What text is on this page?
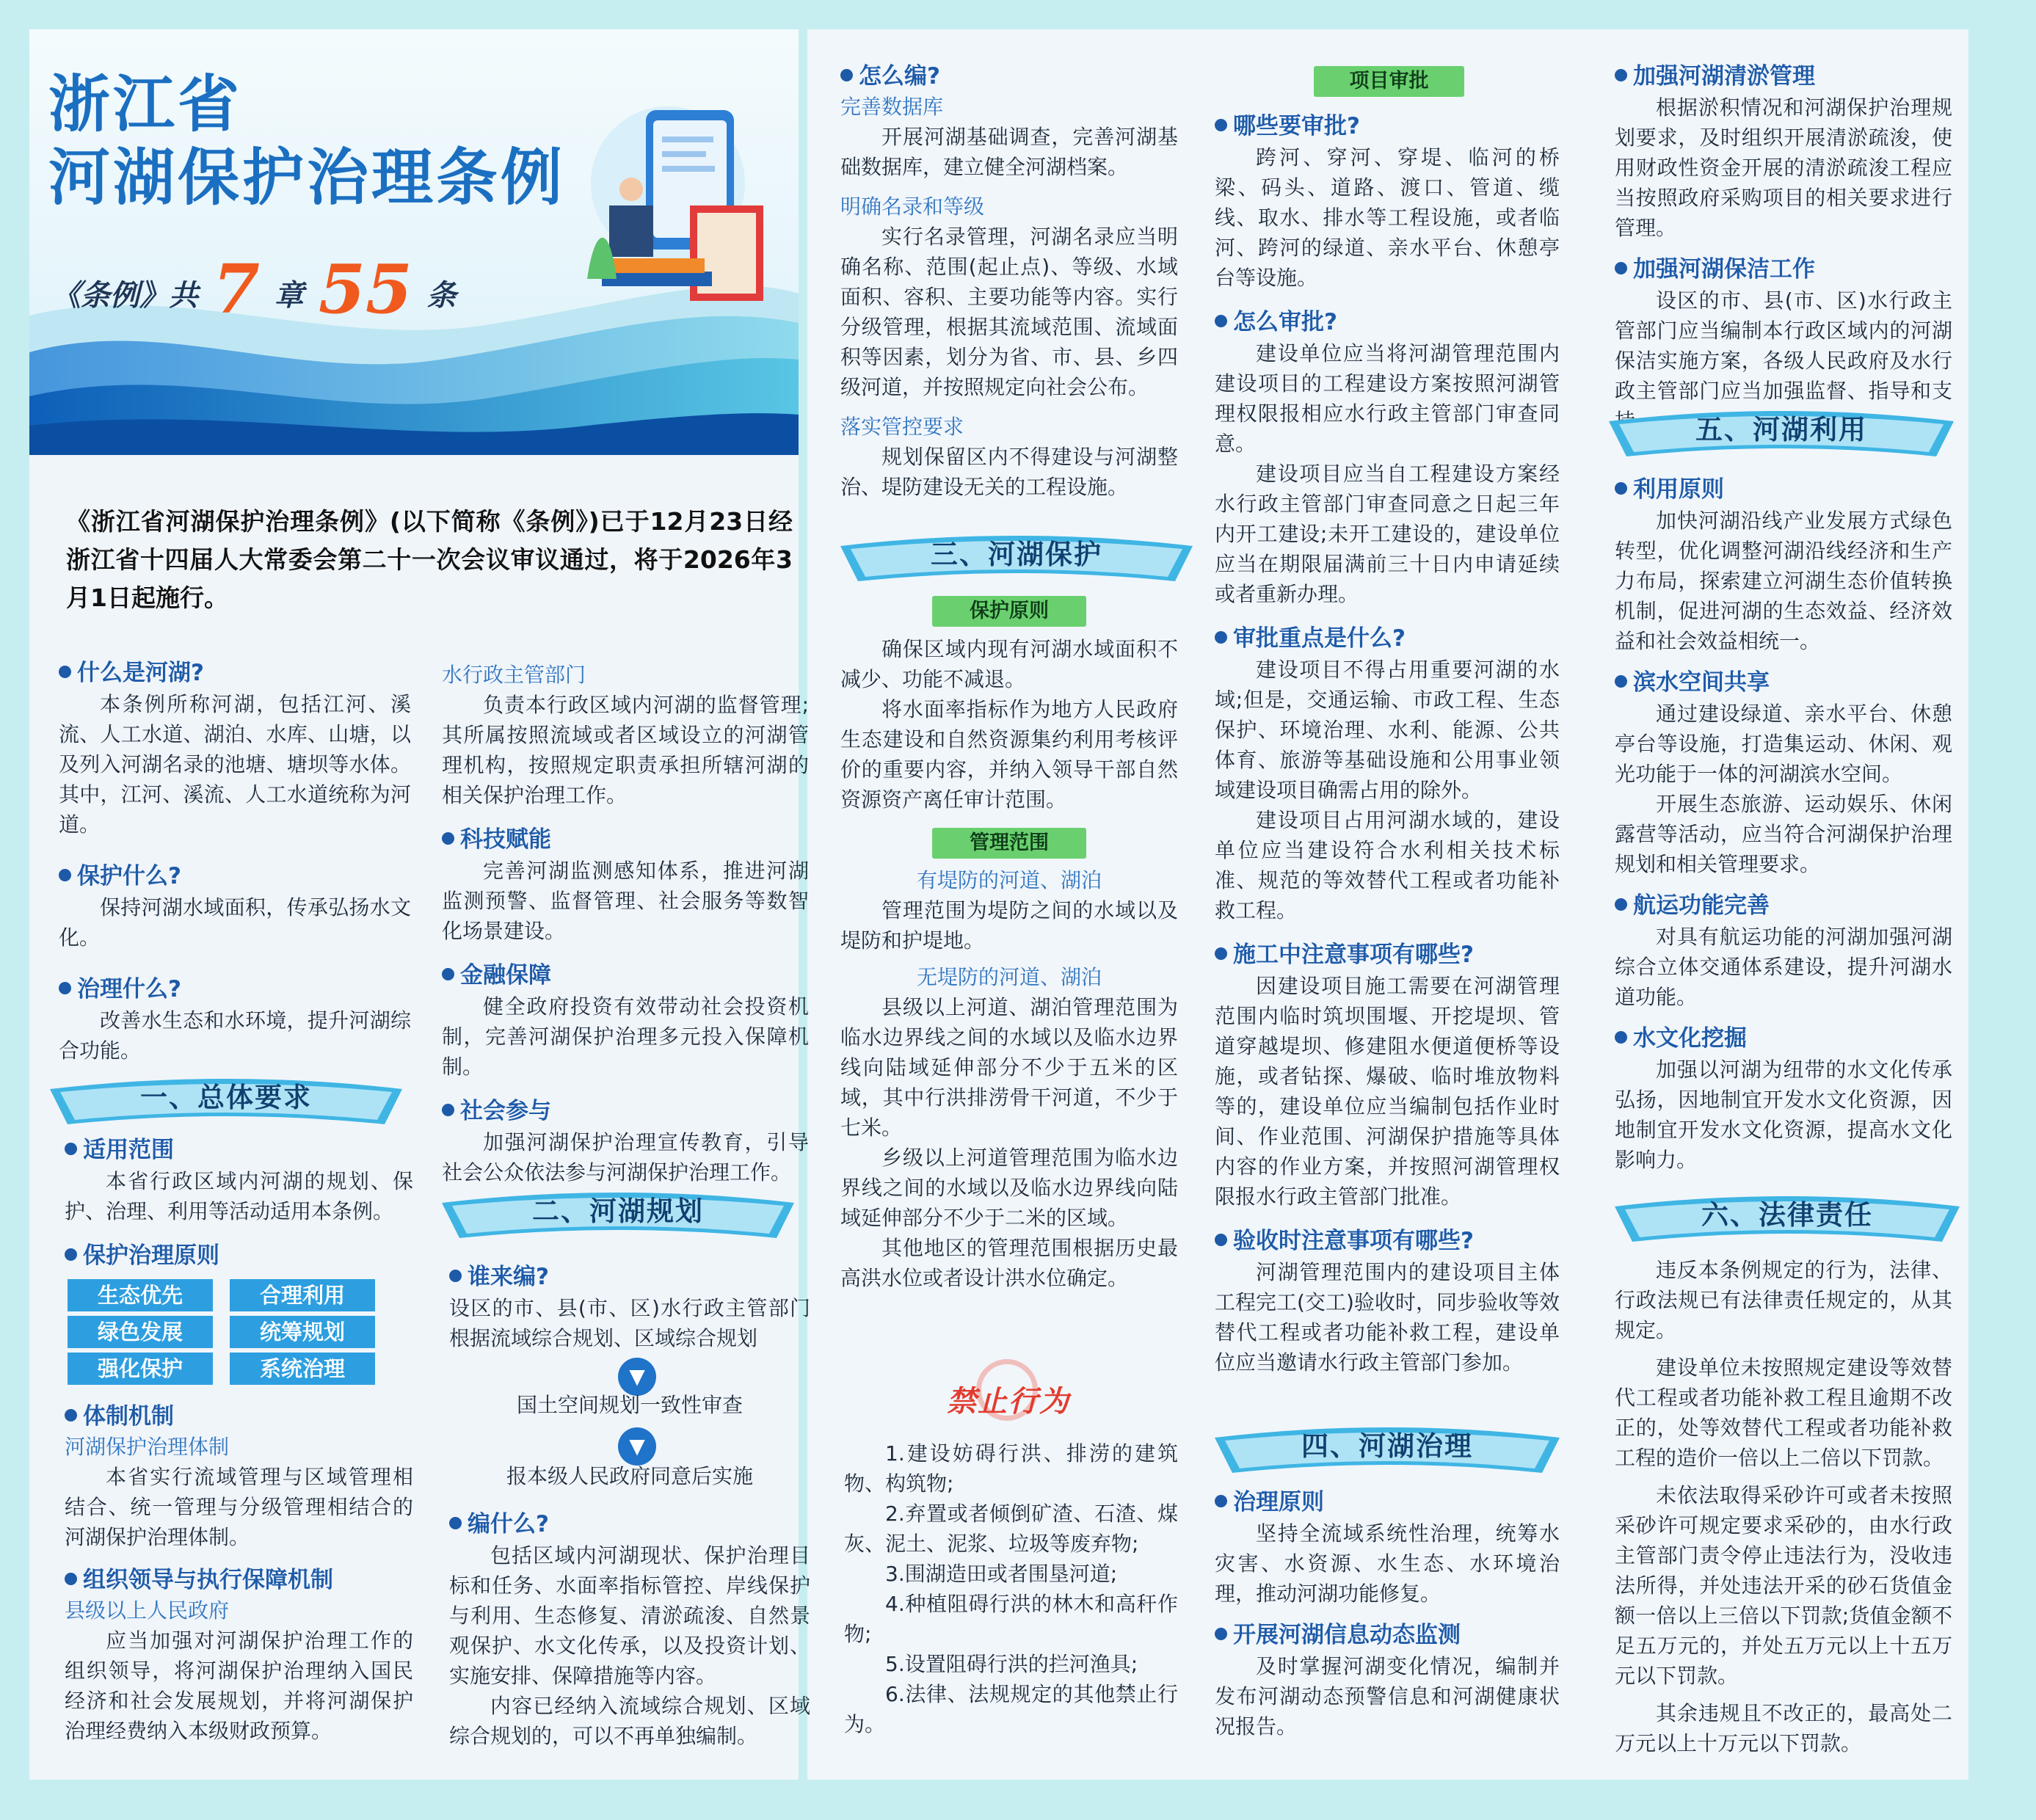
浙江省
河湖保护治理条例
《条例》共 7 章 55 条
《浙江省河湖保护治理条例》(以下简称《条例》)已于12月23日经浙江省十四届人大常委会第二十一次会议审议通过，将于2026年3月1日起施行。
什么是河湖?
本条例所称河湖，包括江河、溪流、人工水道、湖泊、水库、山塘，以及列入河湖名录的池塘、塘坝等水体。其中，江河、溪流、人工水道统称为河道。
保护什么?
保持河湖水域面积，传承弘扬水文化。
治理什么?
改善水生态和水环境，提升河湖综合功能。
一、总体要求
适用范围
本省行政区域内河湖的规划、保护、治理、利用等活动适用本条例。
保护治理原则
生态优先	合理利用
绿色发展	统筹规划
强化保护	系统治理
体制机制
河湖保护治理体制
本省实行流域管理与区域管理相结合、统一管理与分级管理相结合的河湖保护治理体制。
组织领导与执行保障机制
县级以上人民政府
应当加强对河湖保护治理工作的组织领导，将河湖保护治理纳入国民经济和社会发展规划，并将河湖保护治理经费纳入本级财政预算。
水行政主管部门
负责本行政区域内河湖的监督管理;其所属按照流域或者区域设立的河湖管理机构，按照规定职责承担所辖河湖的相关保护治理工作。
科技赋能
完善河湖监测感知体系，推进河湖监测预警、监督管理、社会服务等数智化场景建设。
金融保障
健全政府投资有效带动社会投资机制，完善河湖保护治理多元投入保障机制。
社会参与
加强河湖保护治理宣传教育，引导社会公众依法参与河湖保护治理工作。
二、河湖规划
谁来编?
设区的市、县(市、区)水行政主管部门根据流域综合规划、区域综合规划
▼
国土空间规划一致性审查
▼
报本级人民政府同意后实施
编什么?
包括区域内河湖现状、保护治理目标和任务、水面率指标管控、岸线保护与利用、生态修复、清淤疏浚、自然景观保护、水文化传承，以及投资计划、实施安排、保障措施等内容。
内容已经纳入流域综合规划、区域综合规划的，可以不再单独编制。
怎么编?
完善数据库
开展河湖基础调查，完善河湖基础数据库，建立健全河湖档案。
明确名录和等级
实行名录管理，河湖名录应当明确名称、范围(起止点)、等级、水域面积、容积、主要功能等内容。实行分级管理，根据其流域范围、流域面积等因素，划分为省、市、县、乡四级河道，并按照规定向社会公布。
落实管控要求
规划保留区内不得建设与河湖整治、堤防建设无关的工程设施。
三、河湖保护
保护原则
确保区域内现有河湖水域面积不减少、功能不减退。
将水面率指标作为地方人民政府生态建设和自然资源集约利用考核评价的重要内容，并纳入领导干部自然资源资产离任审计范围。
管理范围
有堤防的河道、湖泊
管理范围为堤防之间的水域以及堤防和护堤地。
无堤防的河道、湖泊
县级以上河道、湖泊管理范围为临水边界线之间的水域以及临水边界线向陆域延伸部分不少于五米的区域，其中行洪排涝骨干河道，不少于七米。
乡级以上河道管理范围为临水边界线之间的水域以及临水边界线向陆域延伸部分不少于二米的区域。
其他地区的管理范围根据历史最高洪水位或者设计洪水位确定。
禁止行为
1.建设妨碍行洪、排涝的建筑物、构筑物;
2.弃置或者倾倒矿渣、石渣、煤灰、泥土、泥浆、垃圾等废弃物;
3.围湖造田或者围垦河道;
4.种植阻碍行洪的林木和高秆作物;
5.设置阻碍行洪的拦河渔具;
6.法律、法规规定的其他禁止行为。
项目审批
哪些要审批?
跨河、穿河、穿堤、临河的桥梁、码头、道路、渡口、管道、缆线、取水、排水等工程设施，或者临河、跨河的绿道、亲水平台、休憩亭台等设施。
怎么审批?
建设单位应当将河湖管理范围内建设项目的工程建设方案按照河湖管理权限报相应水行政主管部门审查同意。
建设项目应当自工程建设方案经水行政主管部门审查同意之日起三年内开工建设;未开工建设的，建设单位应当在期限届满前三十日内申请延续或者重新办理。
审批重点是什么?
建设项目不得占用重要河湖的水域;但是，交通运输、市政工程、生态保护、环境治理、水利、能源、公共体育、旅游等基础设施和公用事业领域建设项目确需占用的除外。
建设项目占用河湖水域的，建设单位应当建设符合水利相关技术标准、规范的等效替代工程或者功能补救工程。
施工中注意事项有哪些?
因建设项目施工需要在河湖管理范围内临时筑坝围堰、开挖堤坝、管道穿越堤坝、修建阻水便道便桥等设施，或者钻探、爆破、临时堆放物料等的，建设单位应当编制包括作业时间、作业范围、河湖保护措施等具体内容的作业方案，并按照河湖管理权限报水行政主管部门批准。
验收时注意事项有哪些?
河湖管理范围内的建设项目主体工程完工(交工)验收时，同步验收等效替代工程或者功能补救工程，建设单位应当邀请水行政主管部门参加。
四、河湖治理
治理原则
坚持全流域系统性治理，统筹水灾害、水资源、水生态、水环境治理，推动河湖功能修复。
开展河湖信息动态监测
及时掌握河湖变化情况，编制并发布河湖动态预警信息和河湖健康状况报告。
加强河湖清淤管理
根据淤积情况和河湖保护治理规划要求，及时组织开展清淤疏浚，使用财政性资金开展的清淤疏浚工程应当按照政府采购项目的相关要求进行管理。
加强河湖保洁工作
设区的市、县(市、区)水行政主管部门应当编制本行政区域内的河湖保洁实施方案，各级人民政府及水行政主管部门应当加强监督、指导和支
五、河湖利用
利用原则
加快河湖沿线产业发展方式绿色转型，优化调整河湖沿线经济和生产力布局，探索建立河湖生态价值转换机制，促进河湖的生态效益、经济效益和社会效益相统一。
滨水空间共享
通过建设绿道、亲水平台、休憩亭台等设施，打造集运动、休闲、观光功能于一体的河湖滨水空间。
开展生态旅游、运动娱乐、休闲露营等活动，应当符合河湖保护治理规划和相关管理要求。
航运功能完善
对具有航运功能的河湖加强河湖综合立体交通体系建设，提升河湖水道功能。
水文化挖掘
加强以河湖为纽带的水文化传承弘扬，因地制宜开发水文化资源，因地制宜开发水文化资源，提高水文化影响力。
六、法律责任
违反本条例规定的行为，法律、行政法规已有法律责任规定的，从其规定。
建设单位未按照规定建设等效替代工程或者功能补救工程且逾期不改正的，处等效替代工程或者功能补救工程的造价一倍以上二倍以下罚款。
未依法取得采砂许可或者未按照采砂许可规定要求采砂的，由水行政主管部门责令停止违法行为，没收违法所得，并处违法开采的砂石货值金额一倍以上三倍以下罚款;货值金额不足五万元的，并处五万元以上十五万元以下罚款。
其余违规且不改正的，最高处二万元以上十万元以下罚款。
